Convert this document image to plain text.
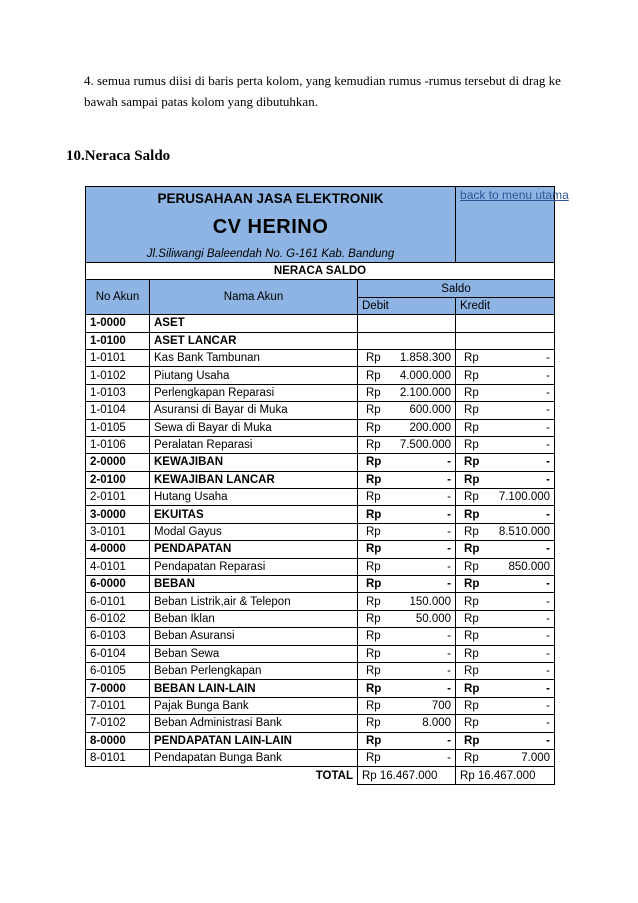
4. semua rumus diisi di baris perta kolom, yang kemudian rumus -rumus tersebut di drag ke bawah sampai patas kolom yang dibutuhkan.
10.Neraca Saldo
PERUSAHAAN JASA ELEKTRONIK
CV HERINO
Jl.Siliwangi Baleendah No. G-161 Kab. Bandung			back to menu utama
NERACA SALDO			
No Akun	Nama Akun	Saldo	
		Debit	Kredit
1-0000	ASET		
1-0100	ASET LANCAR		
1-0101	Kas Bank Tambunan	Rp 1.858.300	Rp -

1-0102	Piutang Usaha	Rp 4.000.000	Rp -

1-0103	Perlengkapan Reparasi	Rp 2.100.000	Rp -

1-0104	Asuransi di Bayar di Muka	Rp 600.000	Rp -

1-0105	Sewa di Bayar di Muka	Rp 200.000	Rp -

1-0106	Peralatan Reparasi	Rp 7.500.000	Rp -

2-0000	KEWAJIBAN	Rp -	Rp -

2-0100	KEWAJIBAN LANCAR	Rp -	Rp -

2-0101	Hutang Usaha	Rp -	Rp 7.100.000

3-0000	EKUITAS	Rp -	Rp -

3-0101	Modal Gayus	Rp -	Rp 8.510.000

4-0000	PENDAPATAN	Rp -	Rp -

4-0101	Pendapatan Reparasi	Rp -	Rp 850.000

6-0000	BEBAN	Rp -	Rp -

6-0101	Beban Listrik,air & Telepon	Rp 150.000	Rp -

6-0102	Beban Iklan	Rp 50.000	Rp -

6-0103	Beban Asuransi	Rp -	Rp -

6-0104	Beban Sewa	Rp -	Rp -

6-0105	Beban Perlengkapan	Rp -	Rp -

7-0000	BEBAN LAIN-LAIN	Rp -	Rp -

7-0101	Pajak Bunga Bank	Rp 700	Rp -

7-0102	Beban Administrasi Bank	Rp 8.000	Rp -

8-0000	PENDAPATAN LAIN-LAIN	Rp -	Rp -

8-0101	Pendapatan Bunga Bank	Rp -	Rp 7.000

TOTAL		Rp 16.467.000	Rp 16.467.000
